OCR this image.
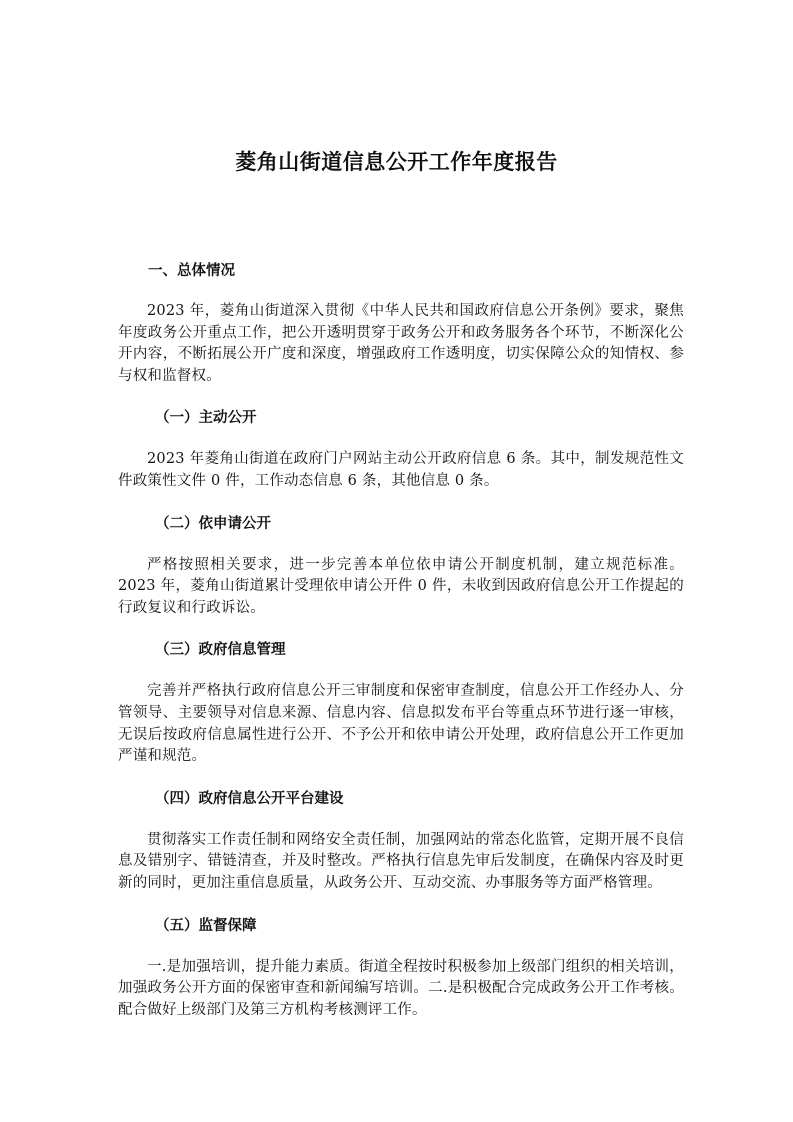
菱角山街道信息公开工作年度报告
一、总体情况

2023 年，菱角山街道深入贯彻《中华人民共和国政府信息公开条例》要求，聚焦年度政务公开重点工作，把公开透明贯穿于政务公开和政务服务各个环节，不断深化公开内容，不断拓展公开广度和深度，增强政府工作透明度，切实保障公众的知情权、参与权和监督权。

（一）主动公开

2023 年菱角山街道在政府门户网站主动公开政府信息 6 条。其中，制发规范性文件政策性文件 0 件，工作动态信息 6 条，其他信息 0 条。

（二）依申请公开

严格按照相关要求，进一步完善本单位依申请公开制度机制，建立规范标准。2023 年，菱角山街道累计受理依申请公开件 0 件，未收到因政府信息公开工作提起的行政复议和行政诉讼。

（三）政府信息管理

完善并严格执行政府信息公开三审制度和保密审查制度，信息公开工作经办人、分管领导、主要领导对信息来源、信息内容、信息拟发布平台等重点环节进行逐一审核，无误后按政府信息属性进行公开、不予公开和依申请公开处理，政府信息公开工作更加严谨和规范。

（四）政府信息公开平台建设

贯彻落实工作责任制和网络安全责任制，加强网站的常态化监管，定期开展不良信息及错别字、错链清查，并及时整改。严格执行信息先审后发制度，在确保内容及时更新的同时，更加注重信息质量，从政务公开、互动交流、办事服务等方面严格管理。

（五）监督保障

一.是加强培训，提升能力素质。街道全程按时积极参加上级部门组织的相关培训，加强政务公开方面的保密审查和新闻编写培训。二.是积极配合完成政务公开工作考核。配合做好上级部门及第三方机构考核测评工作。
